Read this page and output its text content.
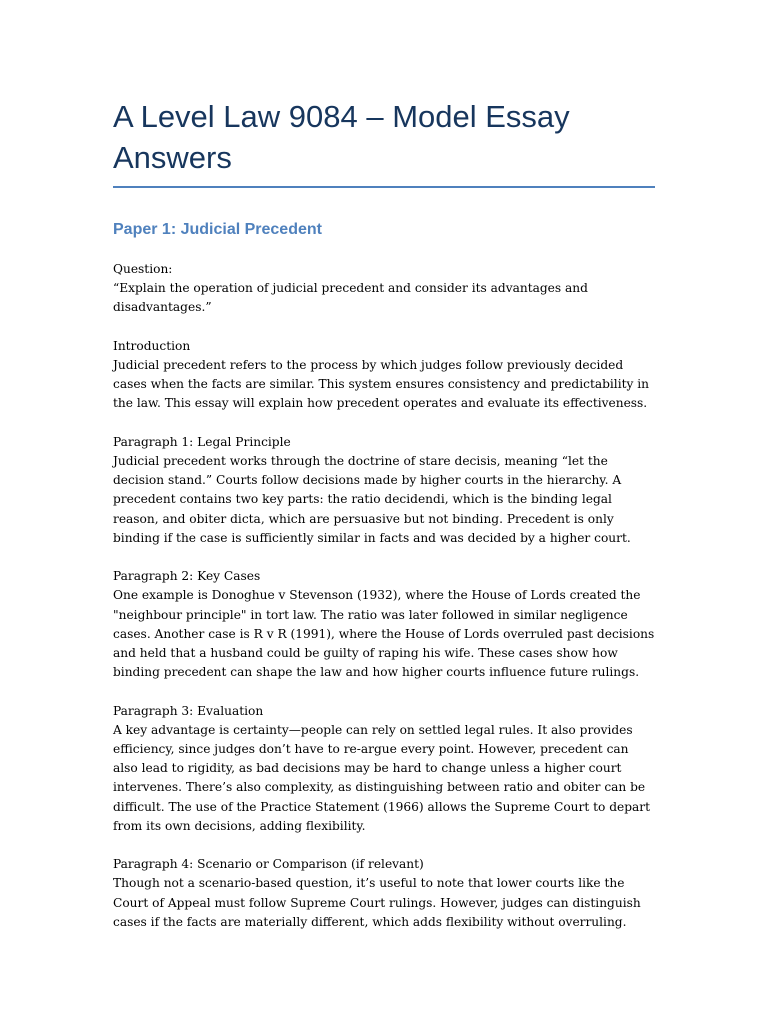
A Level Law 9084 – Model Essay Answers
Paper 1: Judicial Precedent
Question:
“Explain the operation of judicial precedent and consider its advantages and disadvantages.”
Introduction
Judicial precedent refers to the process by which judges follow previously decided cases when the facts are similar. This system ensures consistency and predictability in the law. This essay will explain how precedent operates and evaluate its effectiveness.
Paragraph 1: Legal Principle
Judicial precedent works through the doctrine of stare decisis, meaning “let the decision stand.” Courts follow decisions made by higher courts in the hierarchy. A precedent contains two key parts: the ratio decidendi, which is the binding legal reason, and obiter dicta, which are persuasive but not binding. Precedent is only binding if the case is sufficiently similar in facts and was decided by a higher court.
Paragraph 2: Key Cases
One example is Donoghue v Stevenson (1932), where the House of Lords created the "neighbour principle" in tort law. The ratio was later followed in similar negligence cases. Another case is R v R (1991), where the House of Lords overruled past decisions and held that a husband could be guilty of raping his wife. These cases show how binding precedent can shape the law and how higher courts influence future rulings.
Paragraph 3: Evaluation
A key advantage is certainty—people can rely on settled legal rules. It also provides efficiency, since judges don’t have to re-argue every point. However, precedent can also lead to rigidity, as bad decisions may be hard to change unless a higher court intervenes. There’s also complexity, as distinguishing between ratio and obiter can be difficult. The use of the Practice Statement (1966) allows the Supreme Court to depart from its own decisions, adding flexibility.
Paragraph 4: Scenario or Comparison (if relevant)
Though not a scenario-based question, it’s useful to note that lower courts like the Court of Appeal must follow Supreme Court rulings. However, judges can distinguish cases if the facts are materially different, which adds flexibility without overruling.
